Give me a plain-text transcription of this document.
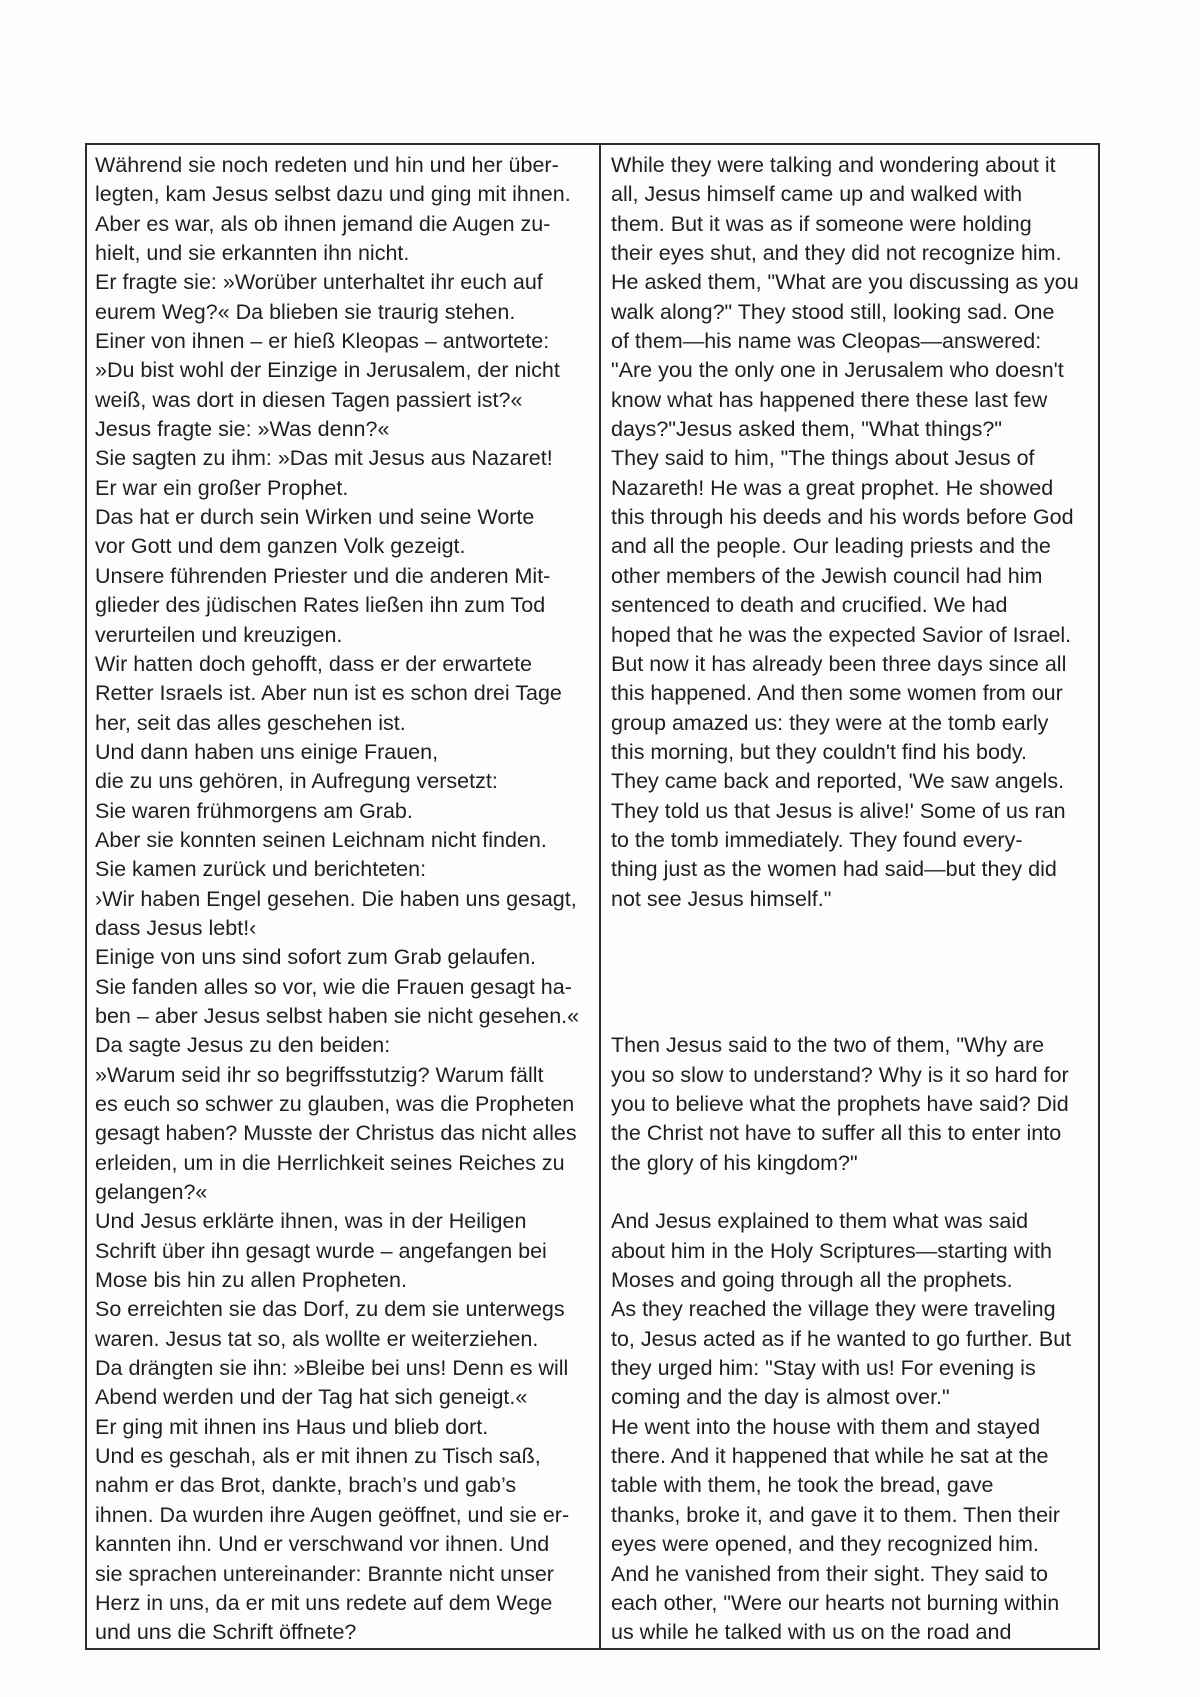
Während sie noch redeten und hin und her über-
legten, kam Jesus selbst dazu und ging mit ihnen.
Aber es war, als ob ihnen jemand die Augen zu-
hielt, und sie erkannten ihn nicht.
Er fragte sie: »Worüber unterhaltet ihr euch auf
eurem Weg?« Da blieben sie traurig stehen.
Einer von ihnen – er hieß Kleopas – antwortete:
»Du bist wohl der Einzige in Jerusalem, der nicht
weiß, was dort in diesen Tagen passiert ist?«
Jesus fragte sie: »Was denn?«
Sie sagten zu ihm: »Das mit Jesus aus Nazaret!
Er war ein großer Prophet.
Das hat er durch sein Wirken und seine Worte
vor Gott und dem ganzen Volk gezeigt.
Unsere führenden Priester und die anderen Mit-
glieder des jüdischen Rates ließen ihn zum Tod
verurteilen und kreuzigen.
Wir hatten doch gehofft, dass er der erwartete
Retter Israels ist. Aber nun ist es schon drei Tage
her, seit das alles geschehen ist.
Und dann haben uns einige Frauen,
die zu uns gehören, in Aufregung versetzt:
Sie waren frühmorgens am Grab.
Aber sie konnten seinen Leichnam nicht finden.
Sie kamen zurück und berichteten:
›Wir haben Engel gesehen. Die haben uns gesagt,
dass Jesus lebt!‹
Einige von uns sind sofort zum Grab gelaufen.
Sie fanden alles so vor, wie die Frauen gesagt ha-
ben – aber Jesus selbst haben sie nicht gesehen.«
Da sagte Jesus zu den beiden:
»Warum seid ihr so begriffsstutzig? Warum fällt
es euch so schwer zu glauben, was die Propheten
gesagt haben? Musste der Christus das nicht alles
erleiden, um in die Herrlichkeit seines Reiches zu
gelangen?«
Und Jesus erklärte ihnen, was in der Heiligen
Schrift über ihn gesagt wurde – angefangen bei
Mose bis hin zu allen Propheten.
So erreichten sie das Dorf, zu dem sie unterwegs
waren. Jesus tat so, als wollte er weiterziehen.
Da drängten sie ihn: »Bleibe bei uns! Denn es will
Abend werden und der Tag hat sich geneigt.«
Er ging mit ihnen ins Haus und blieb dort.
Und es geschah, als er mit ihnen zu Tisch saß,
nahm er das Brot, dankte, brach’s und gab’s
ihnen. Da wurden ihre Augen geöffnet, und sie er-
kannten ihn. Und er verschwand vor ihnen. Und
sie sprachen untereinander: Brannte nicht unser
Herz in uns, da er mit uns redete auf dem Wege
und uns die Schrift öffnete?
While they were talking and wondering about it
all, Jesus himself came up and walked with
them. But it was as if someone were holding
their eyes shut, and they did not recognize him.
He asked them, "What are you discussing as you
walk along?" They stood still, looking sad. One
of them—his name was Cleopas—answered:
"Are you the only one in Jerusalem who doesn't
know what has happened there these last few
days?"Jesus asked them, "What things?"
They said to him, "The things about Jesus of
Nazareth! He was a great prophet. He showed
this through his deeds and his words before God
and all the people. Our leading priests and the
other members of the Jewish council had him
sentenced to death and crucified. We had
hoped that he was the expected Savior of Israel.
But now it has already been three days since all
this happened. And then some women from our
group amazed us: they were at the tomb early
this morning, but they couldn't find his body.
They came back and reported, 'We saw angels.
They told us that Jesus is alive!' Some of us ran
to the tomb immediately. They found every-
thing just as the women had said—but they did
not see Jesus himself."
Then Jesus said to the two of them, "Why are
you so slow to understand? Why is it so hard for
you to believe what the prophets have said? Did
the Christ not have to suffer all this to enter into
the glory of his kingdom?"
And Jesus explained to them what was said
about him in the Holy Scriptures—starting with
Moses and going through all the prophets.
As they reached the village they were traveling
to, Jesus acted as if he wanted to go further. But
they urged him: "Stay with us! For evening is
coming and the day is almost over."
He went into the house with them and stayed
there. And it happened that while he sat at the
table with them, he took the bread, gave
thanks, broke it, and gave it to them. Then their
eyes were opened, and they recognized him.
And he vanished from their sight. They said to
each other, "Were our hearts not burning within
us while he talked with us on the road and
